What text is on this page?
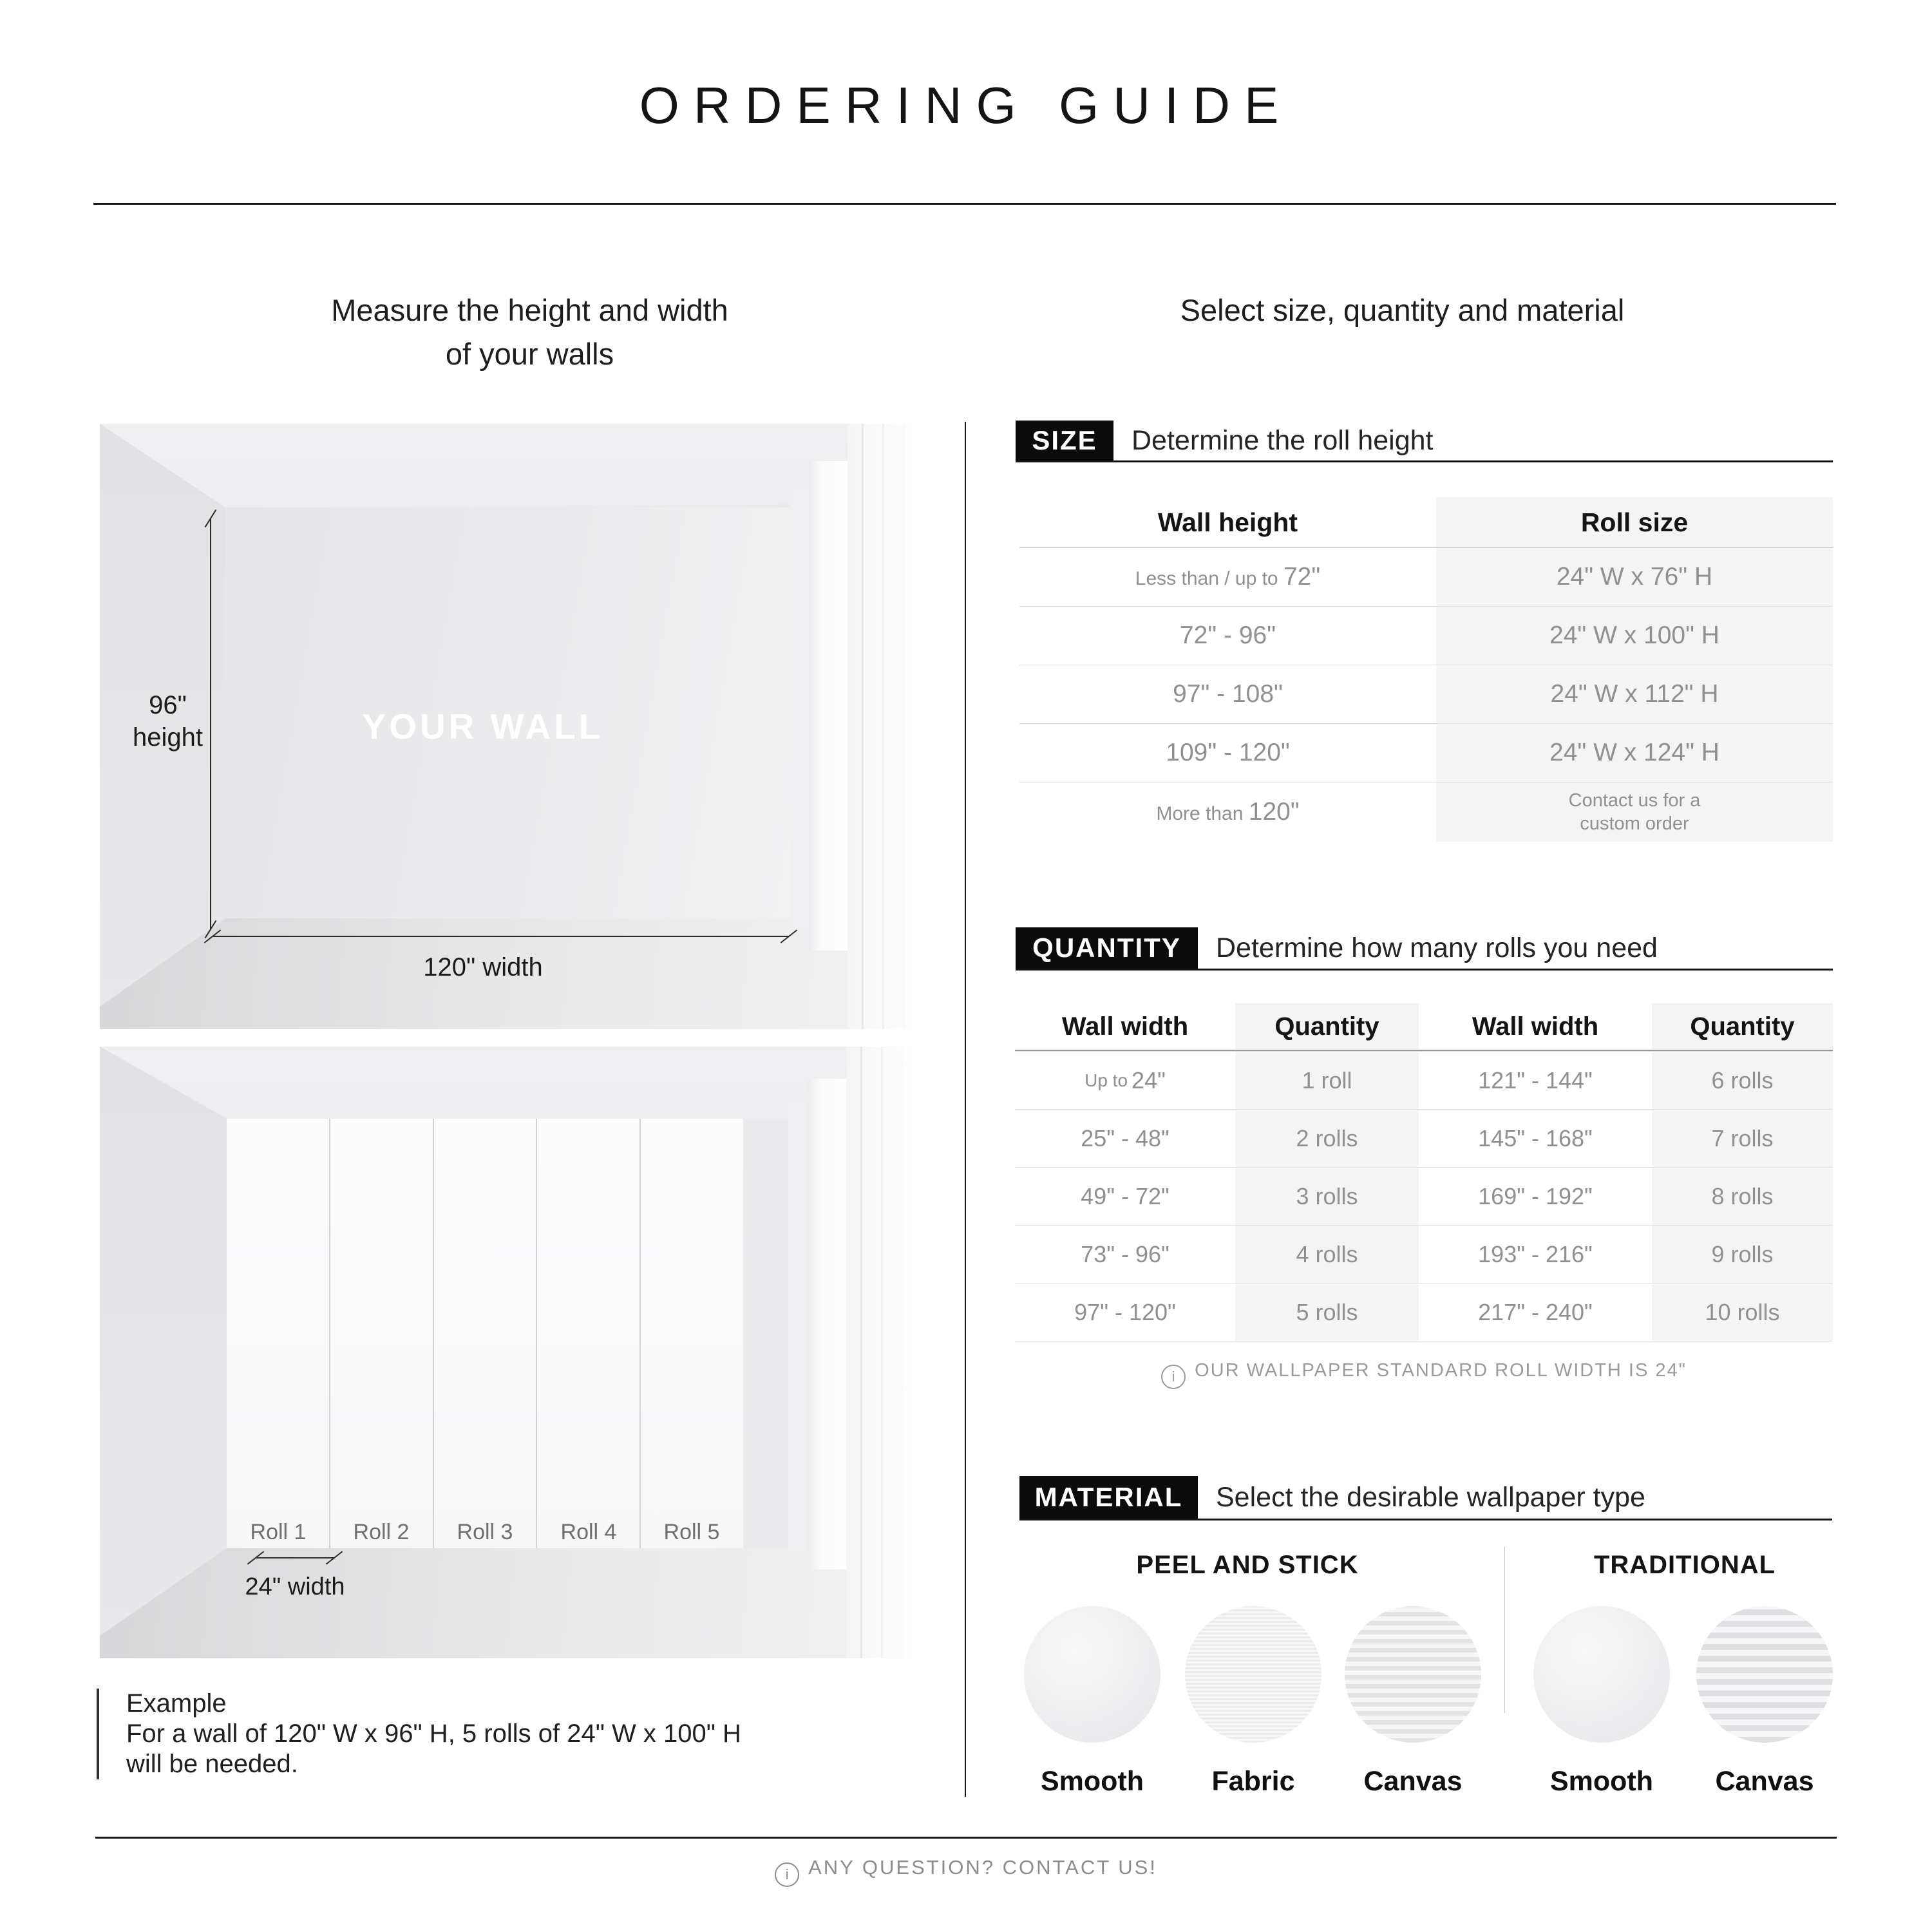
ORDERING GUIDE
Measure the height and width
of your walls
Select size, quantity and material
96"
height	YOUR WALL
120" width
Roll 1	Roll 2	Roll 3	Roll 4	Roll 5
24" width
Example
For a wall of 120" W x 96" H, 5 rolls of 24" W x 100" H
will be needed.
SIZE	Determine the roll height
Wall height	Roll size
Less than / up to 72"	24" W x 76" H
72" - 96"	24" W x 100" H
97" - 108"	24" W x 112" H
109" - 120"	24" W x 124" H
More than 120"	Contact us for a
custom order
QUANTITY	Determine how many rolls you need
Wall width	Quantity	Wall width	Quantity
Up to 24"	1 roll	121" - 144"	6 rolls
25" - 48"	2 rolls	145" - 168"	7 rolls
49" - 72"	3 rolls	169" - 192"	8 rolls
73" - 96"	4 rolls	193" - 216"	9 rolls
97" - 120"	5 rolls	217" - 240"	10 rolls
i OUR WALLPAPER STANDARD ROLL WIDTH IS 24"
MATERIAL	Select the desirable wallpaper type
PEEL AND STICK	TRADITIONAL
Smooth	Fabric	Canvas	Smooth	Canvas
i ANY QUESTION? CONTACT US!
